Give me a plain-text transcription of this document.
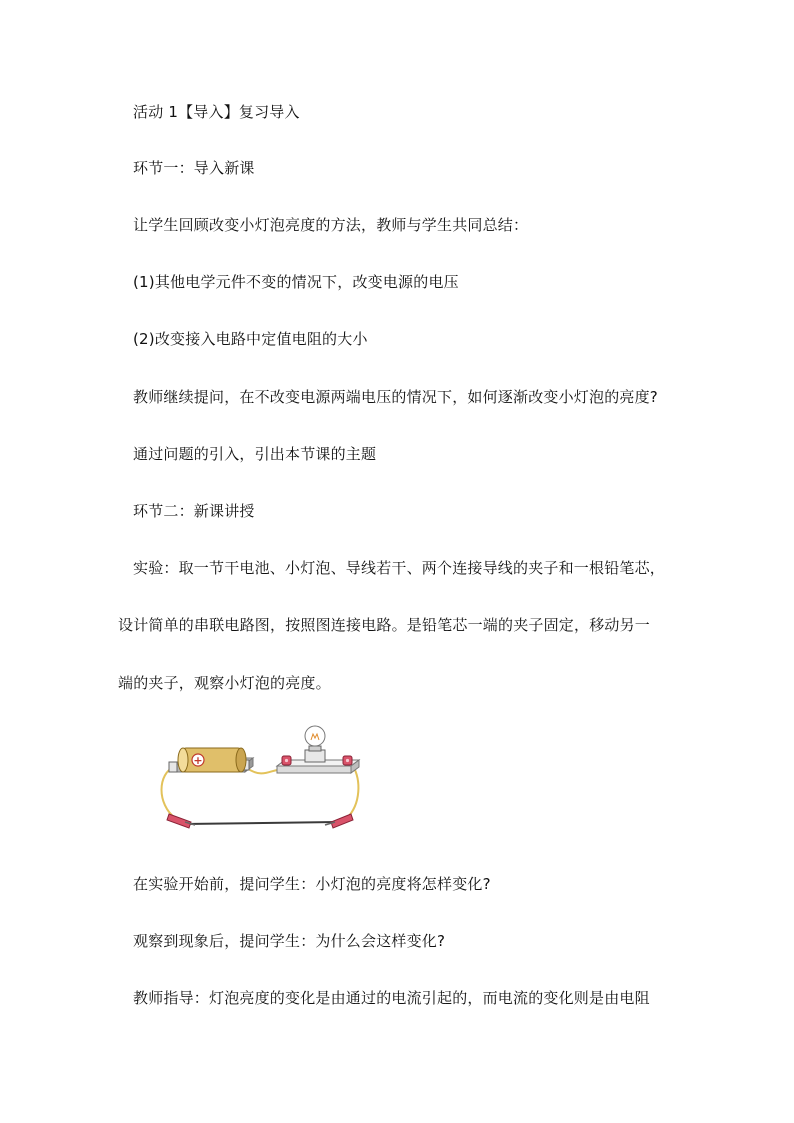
活动 1【导入】复习导入
环节一：导入新课
让学生回顾改变小灯泡亮度的方法，教师与学生共同总结：
(1)其他电学元件不变的情况下，改变电源的电压
(2)改变接入电路中定值电阻的大小
教师继续提问，在不改变电源两端电压的情况下，如何逐渐改变小灯泡的亮度?
通过问题的引入，引出本节课的主题
环节二：新课讲授
实验：取一节干电池、小灯泡、导线若干、两个连接导线的夹子和一根铅笔芯，
设计简单的串联电路图，按照图连接电路。是铅笔芯一端的夹子固定，移动另一
端的夹子，观察小灯泡的亮度。
+
在实验开始前，提问学生：小灯泡的亮度将怎样变化?
观察到现象后，提问学生：为什么会这样变化?
教师指导：灯泡亮度的变化是由通过的电流引起的，而电流的变化则是由电阻
